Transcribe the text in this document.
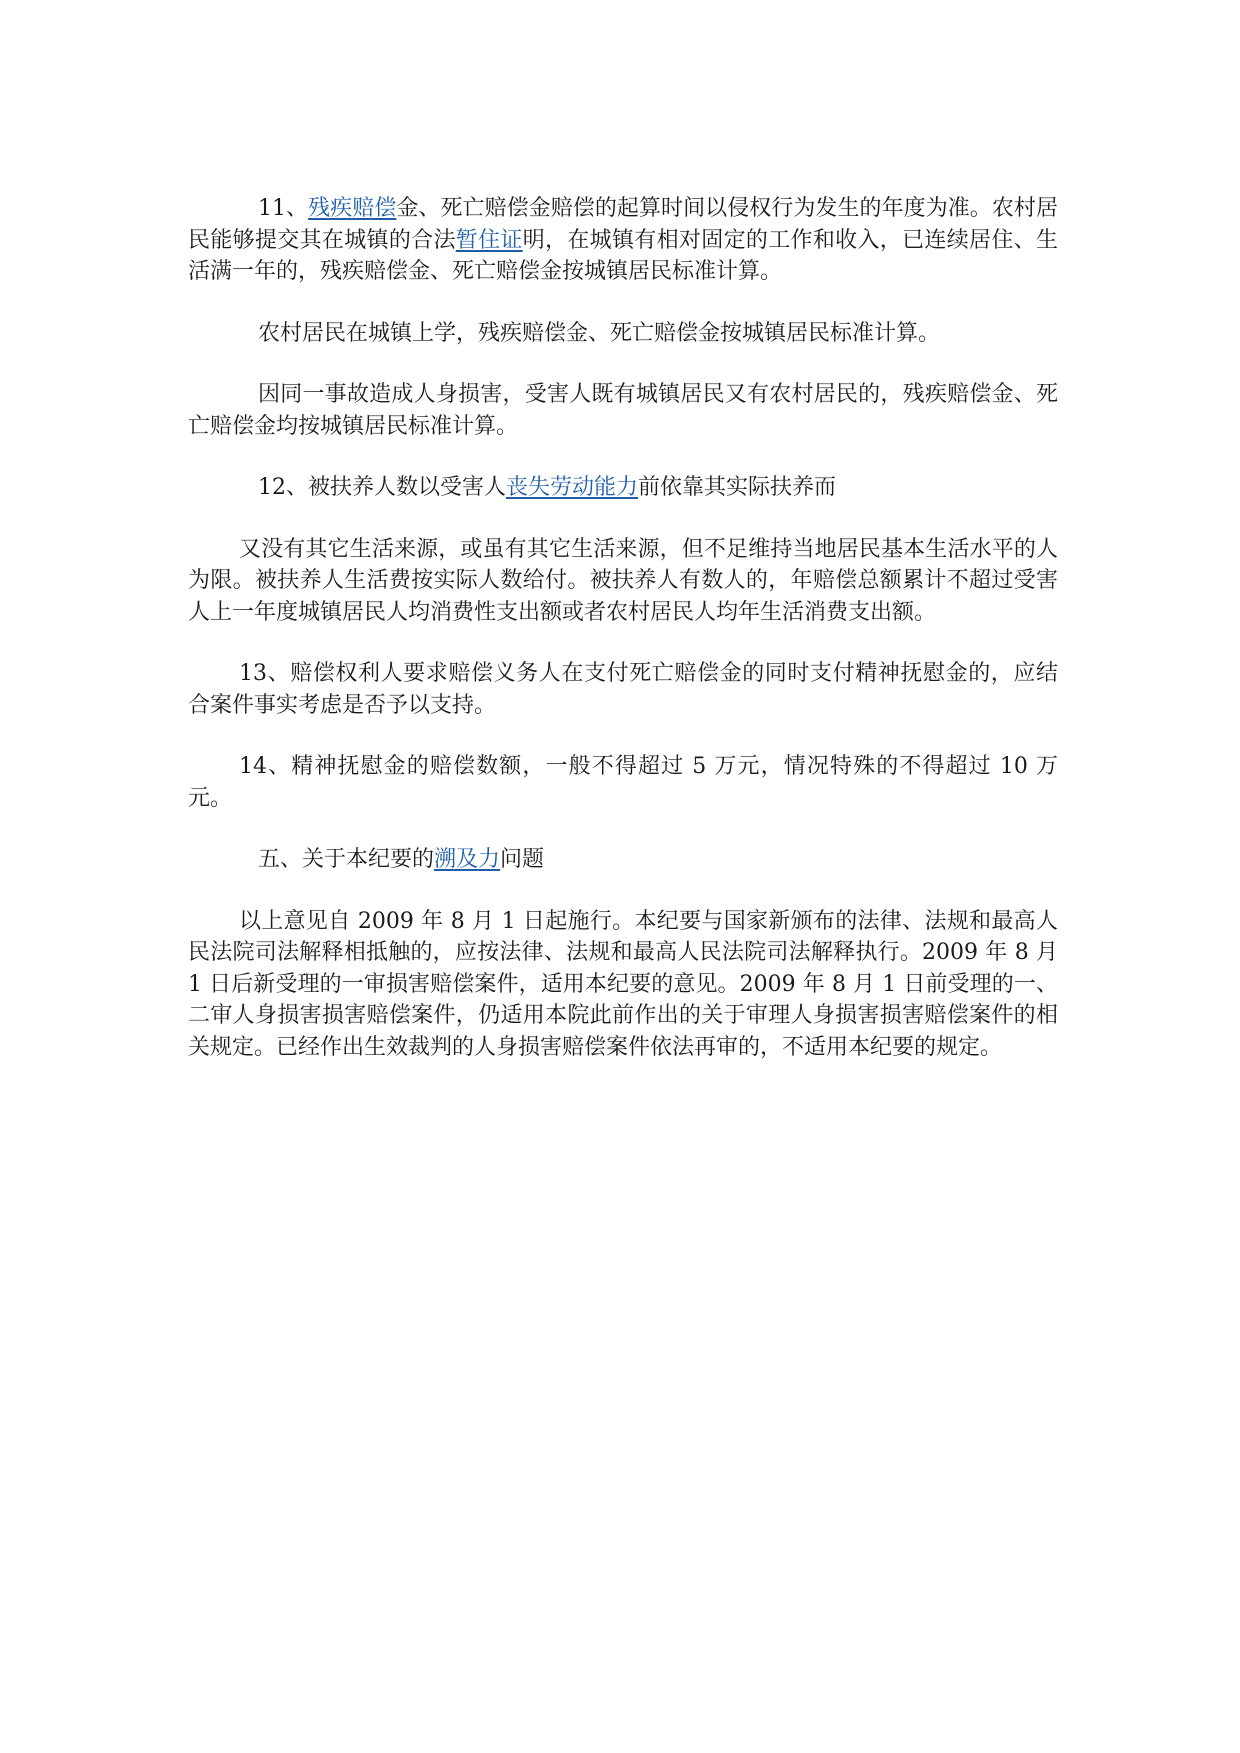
11、残疾赔偿金、死亡赔偿金赔偿的起算时间以侵权行为发生的年度为准。农村居民能够提交其在城镇的合法暂住证明，在城镇有相对固定的工作和收入，已连续居住、生活满一年的，残疾赔偿金、死亡赔偿金按城镇居民标准计算。

农村居民在城镇上学，残疾赔偿金、死亡赔偿金按城镇居民标准计算。

因同一事故造成人身损害，受害人既有城镇居民又有农村居民的，残疾赔偿金、死亡赔偿金均按城镇居民标准计算。

12、被扶养人数以受害人丧失劳动能力前依靠其实际扶养而

又没有其它生活来源，或虽有其它生活来源，但不足维持当地居民基本生活水平的人为限。被扶养人生活费按实际人数给付。被扶养人有数人的，年赔偿总额累计不超过受害人上一年度城镇居民人均消费性支出额或者农村居民人均年生活消费支出额。

13、赔偿权利人要求赔偿义务人在支付死亡赔偿金的同时支付精神抚慰金的，应结合案件事实考虑是否予以支持。

14、精神抚慰金的赔偿数额，一般不得超过 5 万元，情况特殊的不得超过 10 万元。

五、关于本纪要的溯及力问题

以上意见自 2009 年 8 月 1 日起施行。本纪要与国家新颁布的法律、法规和最高人民法院司法解释相抵触的，应按法律、法规和最高人民法院司法解释执行。2009 年 8 月 1 日后新受理的一审损害赔偿案件，适用本纪要的意见。2009 年 8 月 1 日前受理的一、二审人身损害损害赔偿案件，仍适用本院此前作出的关于审理人身损害损害赔偿案件的相关规定。已经作出生效裁判的人身损害赔偿案件依法再审的，不适用本纪要的规定。
